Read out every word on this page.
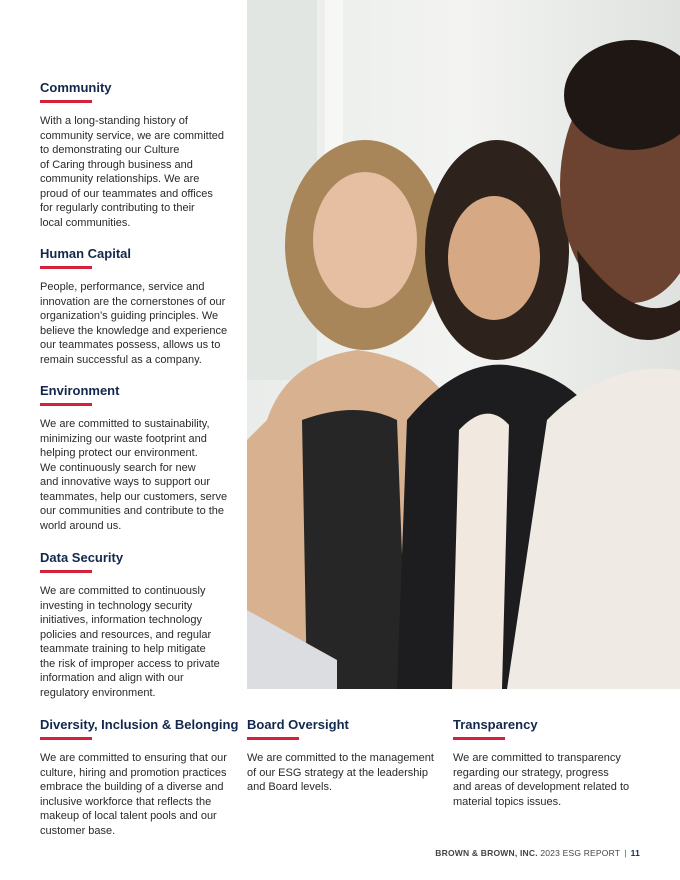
Community

With a long-standing history of
community service, we are committed
to demonstrating our Culture
of Caring through business and
community relationships. We are
proud of our teammates and offices
for regularly contributing to their
local communities.

Human Capital

People, performance, service and
innovation are the cornerstones of our
organization’s guiding principles. We
believe the knowledge and experience
our teammates possess, allows us to
remain successful as a company.

Environment

We are committed to sustainability,
minimizing our waste footprint and
helping protect our environment.
We continuously search for new
and innovative ways to support our
teammates, help our customers, serve
our communities and contribute to the
world around us.

Data Security

We are committed to continuously
investing in technology security
initiatives, information technology
policies and resources, and regular
teammate training to help mitigate
the risk of improper access to private
information and align with our
regulatory environment.

Diversity, Inclusion & Belonging

We are committed to ensuring that our
culture, hiring and promotion practices
embrace the building of a diverse and
inclusive workforce that reflects the
makeup of local talent pools and our
customer base.

Board Oversight

We are committed to the management
of our ESG strategy at the leadership
and Board levels.

Transparency

We are committed to transparency
regarding our strategy, progress
and areas of development related to
material topics issues.

BROWN & BROWN, INC. 2023 ESG REPORT | 11
